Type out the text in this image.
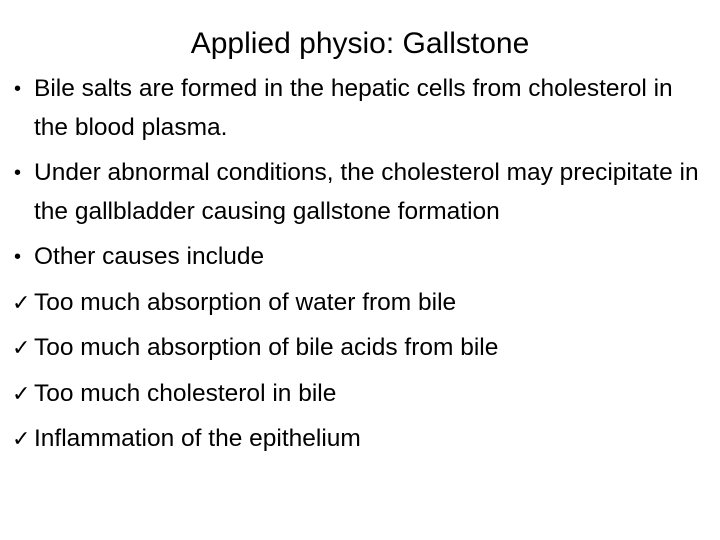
Applied physio: Gallstone
• Bile salts are formed in the hepatic cells from cholesterol in the blood plasma.
• Under abnormal conditions, the cholesterol may precipitate in the gallbladder causing gallstone formation
• Other causes include
✓ Too much absorption of water from bile
✓ Too much absorption of bile acids from bile
✓ Too much cholesterol in bile
✓ Inflammation of the epithelium
